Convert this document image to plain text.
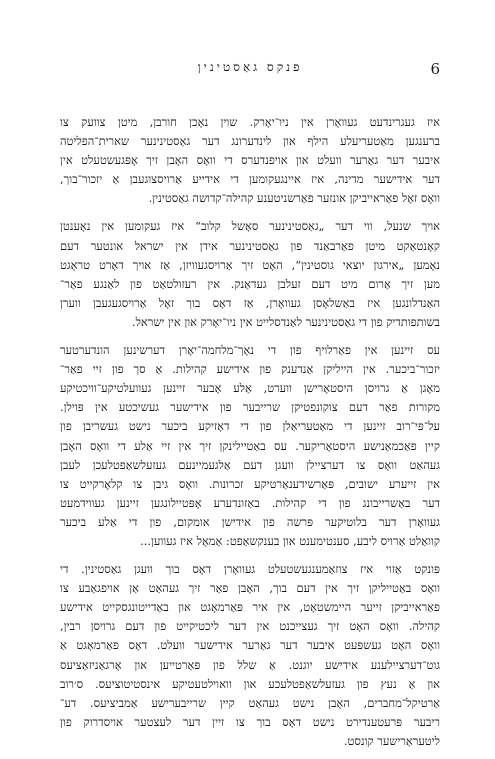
6
פנקס גאַסטינין
איז געגרינדעט געוואָרן אין ניו־יאָרק. שוין נאָכן חורבן, מיטן צוועק צו
ברענגען מאַטעריעלע הילף און לינדערונג דער גאַסטינינער שארית־הפליטה
איבער דער גאַרער וועלט און אויפנדערס די וואָס האָבן זיך אָפּגעשטעלט אין
דער אידישער מדינה, איז איינגעקומען די אידייע אַרויסצוגעבן אַ יזכור־בוך,
וואָס זאָל פאַראייביקן אונזער פאַרשניטענע קהילה־קדושה גאַסטינין.
אויך שנעל, ווי דער „גאַסטינינער סאָשל קלוב“ איז געקומען אין נאָענטן
קאָנטאַקט מיטן פאַרבאַנד פון גאַסטינינער אידן אין ישראל אונטער דעם
נאָמען „אירגון יוצאי גוסטינין“, האָט זיך אַרויסגעוויזן, אַז אויך דאָרט טראָגט
מען זיך אַרום מיט דעם זעלבן געדאַנק. אין רעזולטאַט פון לאַנגע פאַר־
האַנדלונגען איז באַשלאָסן געוואָרן, אַז דאָס בוך זאָל אַרויסגעגעבן ווערן
בשותפותדיק פון די גאַסטינינער לאַנדסלייט אין ניו־יאָרק און אין ישראל.
עס זיינען אין פאַרלויף פון די נאָך־מלחמה־יאָרן דערשינען הונדערטער
יזכור־ביכער. אין הייליקן אַנדענק פון אידישע קהילות. אַ סך פון זיי פאַר־
מאָגן אַ גרויסן היסטאָרישן ווערט, אַלע אָבער זיינען געוועלטיקע־וויכטיקע
מקורות פאַר דעם צוקונפטיקן שרייבער פון אידישער געשיכטע אין פּוילן.
על־פּי־רוב זיינען די מאַטעריאַלן פון די דאָזיקע ביכער נישט געשריבן פון
קיין פאַכמאַנישע היסטאָריקער. עס באַטיילינקן זיך אין זיי אַלע די וואָס האָבן
געהאַט וואָס צו דערציילן וועגן דעם אַלגעמיינעם געזעלשאַפטלעכן לעבן
אין זייערע ישובים, פּאַרשידענאַרטיקע זכרונות. וואָס גיבן צו קלאָרקייט צו
דער באַשרייבונג פון די קהילות. באַזונדערע אָפּטיילונגען זיינען געווידמעט
געוואָרן דער בלוטיקער פּרשה פון אידישן אומקום, פון די אַלע ביכער
קוואַלט אַרויס ליבע, סענטימענט און בענקשאַפט: אַמאָל איז געווען...
פּונקט אַזוי איז צוזאַמענגעשטעלט געוואָרן דאָס בוך וועגן גאַסטינין. די
וואָס באַטייליקן זיך אין דעם בוך, האָבן פאַר זיך געהאַט אַן אויפגאַבע צו
פאַראייביקן זייער היימשטאָט, אין איר פּאַרמאָגט און באַדייטונגסקייט אידישע
קהילה. וואָס האָט זיך געצייכנט אין דער ליכטיקייט פון דעם גרויסן רבין,
וואָס האָט געשפּעט איבער דער גאַרער אידישער וועלט. דאָס פאַרמאָגט אַ
גוט־דערציילענע אידישע יוגנט. אַ שלל פון פּאַרטייען און אָרגאַניזאַציעס
און אַ נעץ פון געזעלשאַפטלעכע און וואוילטעטיקע אינסטיטוציעס. ס׳רוב
אַרטיקל־מחברים, האָבן נישט געהאַט קיין שרייבערישע אַמביציעס. דע־
ריבער פּרעטענדירט נישט דאָס בוך צו זיין דער לעצטער אויסדרוק פון
ליטעראַרישער קונסט.
